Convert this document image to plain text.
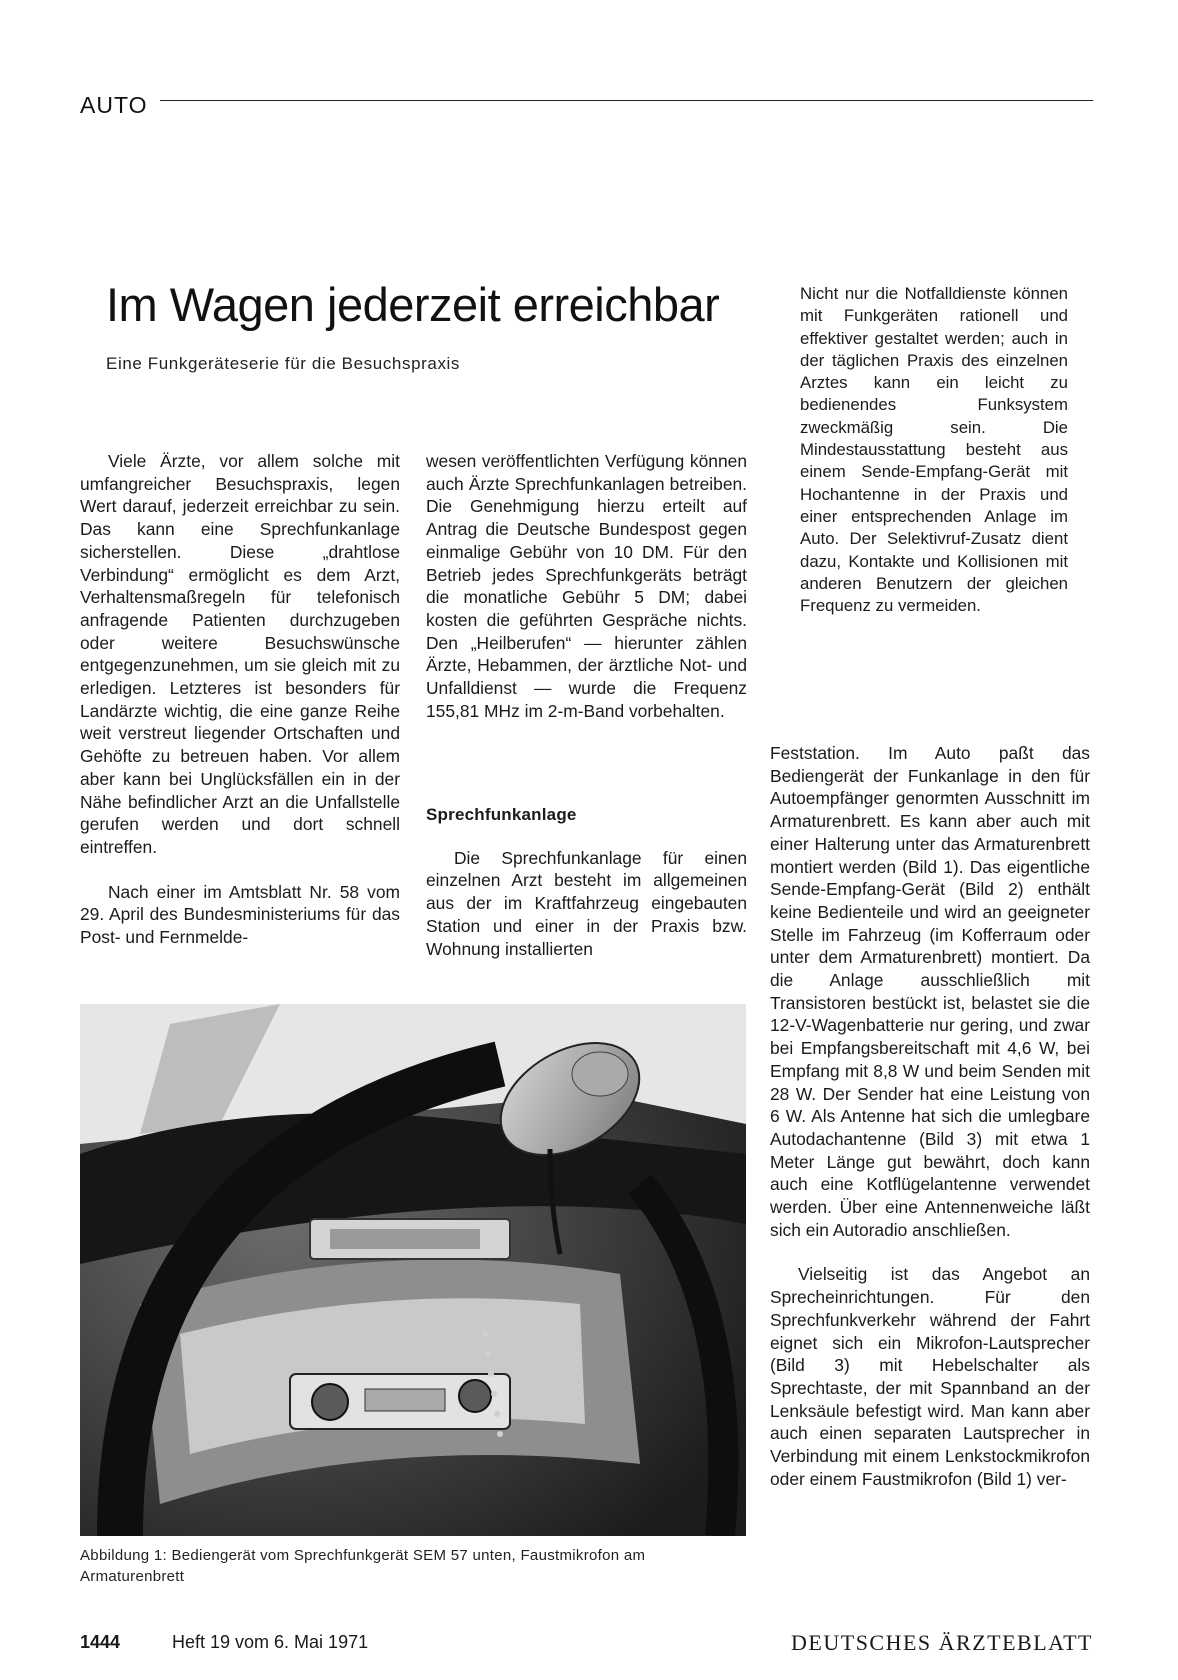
AUTO
Im Wagen jederzeit erreichbar
Eine Funkgeräteserie für die Besuchspraxis

Viele Ärzte, vor allem solche mit umfangreicher Besuchspraxis, legen Wert darauf, jederzeit erreichbar zu sein. Das kann eine Sprechfunkanlage sicherstellen. Diese „drahtlose Verbindung“ ermöglicht es dem Arzt, Verhaltensmaßregeln für telefonisch anfragende Patienten durchzugeben oder weitere Besuchswünsche entgegenzunehmen, um sie gleich mit zu erledigen. Letzteres ist besonders für Landärzte wichtig, die eine ganze Reihe weit verstreut liegender Ortschaften und Gehöfte zu betreuen haben. Vor allem aber kann bei Unglücksfällen ein in der Nähe befindlicher Arzt an die Unfallstelle gerufen werden und dort schnell eintreffen.

Nach einer im Amtsblatt Nr. 58 vom 29. April des Bundesministeriums für das Post- und Fernmelde-

wesen veröffentlichten Verfügung können auch Ärzte Sprechfunkanlagen betreiben. Die Genehmigung hierzu erteilt auf Antrag die Deutsche Bundespost gegen einmalige Gebühr von 10 DM. Für den Betrieb jedes Sprechfunkgeräts beträgt die monatliche Gebühr 5 DM; dabei kosten die geführten Gespräche nichts. Den „Heilberufen“ — hierunter zählen Ärzte, Hebammen, der ärztliche Not- und Unfalldienst — wurde die Frequenz 155,81 MHz im 2-m-Band vorbehalten.

Sprechfunkanlage

Die Sprechfunkanlage für einen einzelnen Arzt besteht im allgemeinen aus der im Kraftfahrzeug eingebauten Station und einer in der Praxis bzw. Wohnung installierten

Nicht nur die Notfalldienste können mit Funkgeräten rationell und effektiver gestaltet werden; auch in der täglichen Praxis des einzelnen Arztes kann ein leicht zu bedienendes Funksystem zweckmäßig sein. Die Mindestausstattung besteht aus einem Sende-Empfang-Gerät mit Hochantenne in der Praxis und einer entsprechenden Anlage im Auto. Der Selektivruf-Zusatz dient dazu, Kontakte und Kollisionen mit anderen Benutzern der gleichen Frequenz zu vermeiden.

Feststation. Im Auto paßt das Bediengerät der Funkanlage in den für Autoempfänger genormten Ausschnitt im Armaturenbrett. Es kann aber auch mit einer Halterung unter das Armaturenbrett montiert werden (Bild 1). Das eigentliche Sende-Empfang-Gerät (Bild 2) enthält keine Bedienteile und wird an geeigneter Stelle im Fahrzeug (im Kofferraum oder unter dem Armaturenbrett) montiert. Da die Anlage ausschließlich mit Transistoren bestückt ist, belastet sie die 12-V-Wagenbatterie nur gering, und zwar bei Empfangsbereitschaft mit 4,6 W, bei Empfang mit 8,8 W und beim Senden mit 28 W. Der Sender hat eine Leistung von 6 W. Als Antenne hat sich die umlegbare Autodachantenne (Bild 3) mit etwa 1 Meter Länge gut bewährt, doch kann auch eine Kotflügelantenne verwendet werden. Über eine Antennenweiche läßt sich ein Autoradio anschließen.

Vielseitig ist das Angebot an Sprecheinrichtungen. Für den Sprechfunkverkehr während der Fahrt eignet sich ein Mikrofon-Lautsprecher (Bild 3) mit Hebelschalter als Sprechtaste, der mit Spannband an der Lenksäule befestigt wird. Man kann aber auch einen separaten Lautsprecher in Verbindung mit einem Lenkstockmikrofon oder einem Faustmikrofon (Bild 1) ver-

Abbildung 1: Bediengerät vom Sprechfunkgerät SEM 57 unten, Faustmikrofon am Armaturenbrett
1444	Heft 19 vom 6. Mai 1971	DEUTSCHES ÄRZTEBLATT
